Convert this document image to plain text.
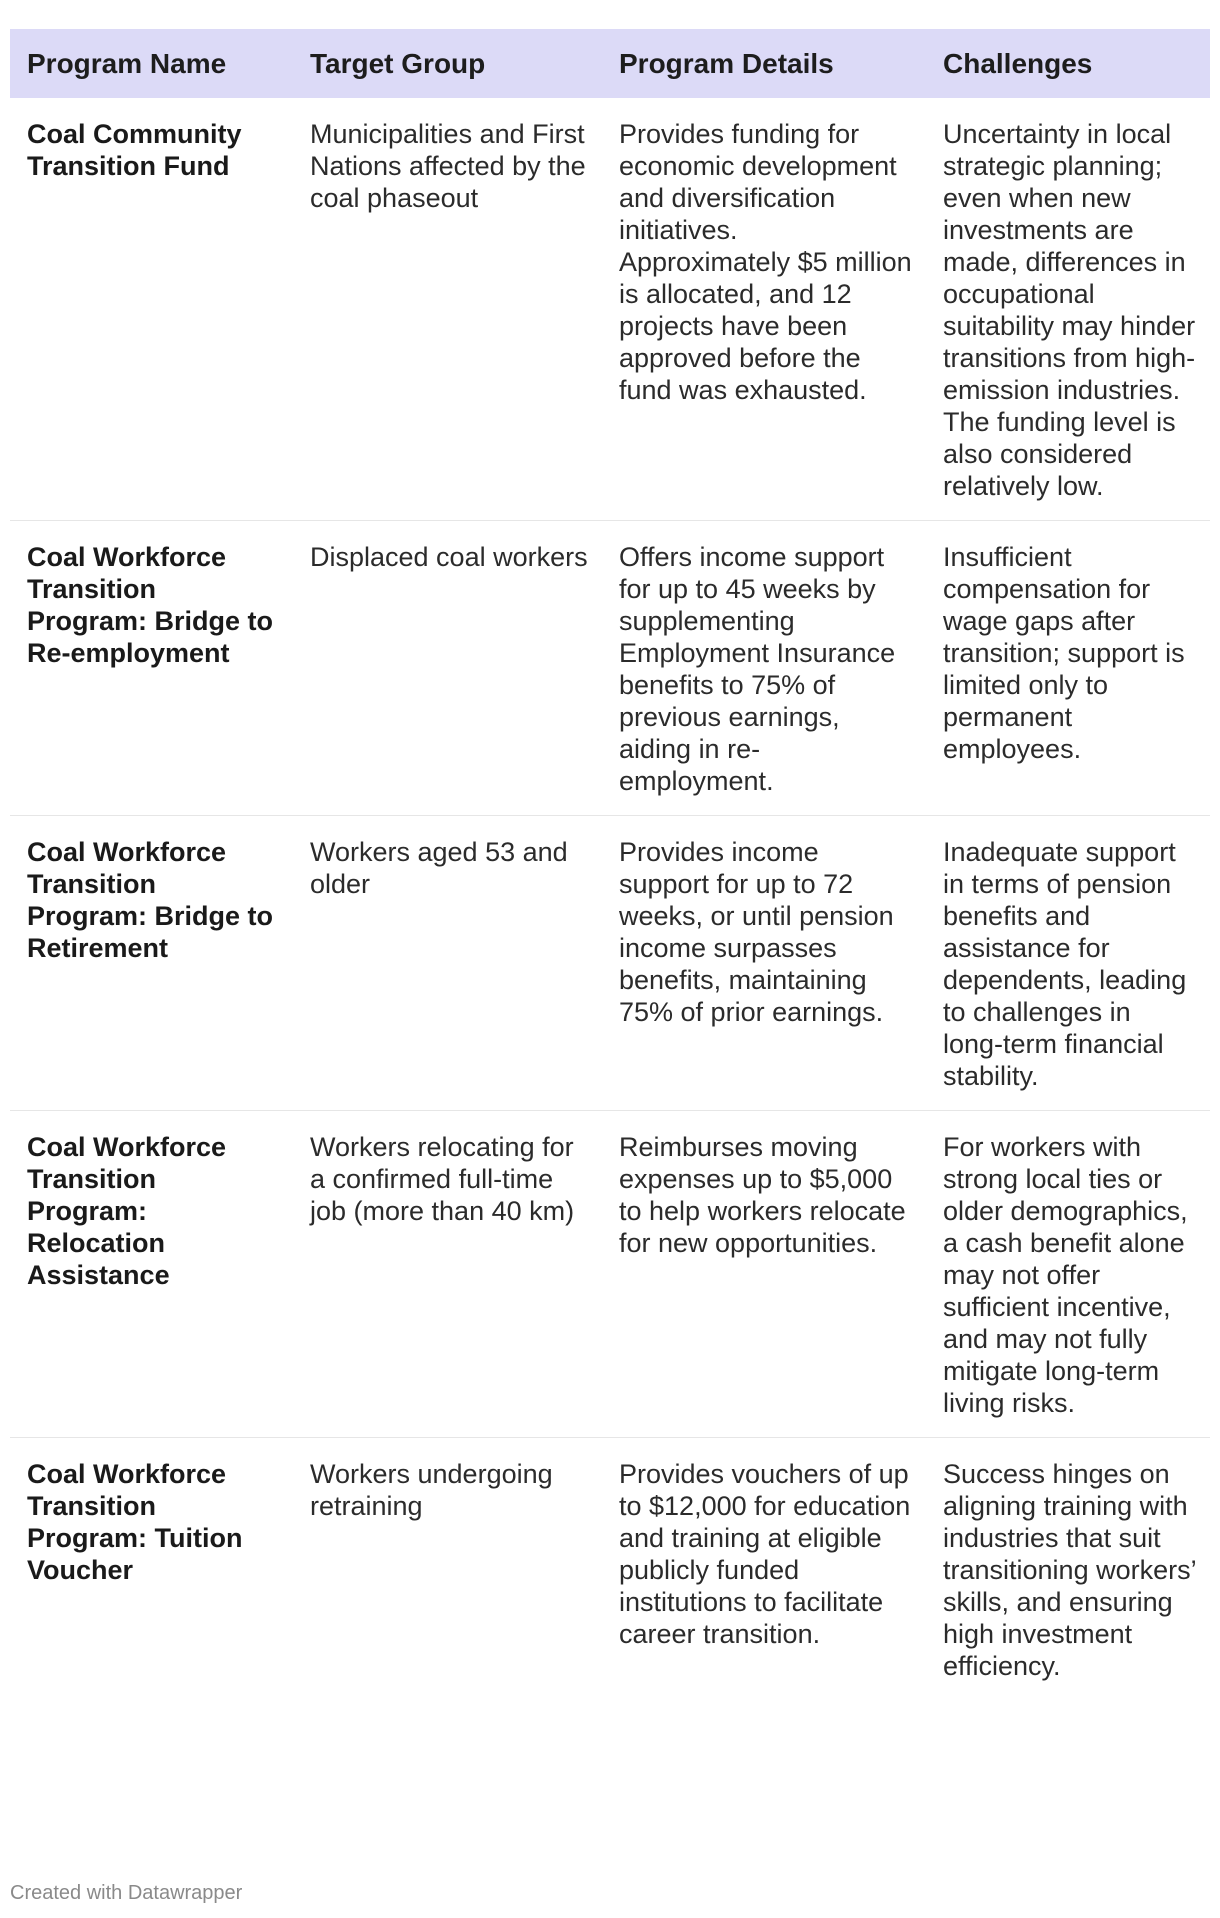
Program Name	Target Group	Program Details	Challenges
Coal Community Transition Fund	Municipalities and First Nations affected by the coal phaseout	Provides funding for economic development and diversification initiatives. Approximately $5 million is allocated, and 12 projects have been approved before the fund was exhausted.	Uncertainty in local strategic planning; even when new investments are made, differences in occupational suitability may hinder transitions from high-emission industries. The funding level is also considered relatively low.
Coal Workforce Transition Program: Bridge to Re-employment	Displaced coal workers	Offers income support for up to 45 weeks by supplementing Employment Insurance benefits to 75% of previous earnings, aiding in re-employment.	Insufficient compensation for wage gaps after transition; support is limited only to permanent employees.
Coal Workforce Transition Program: Bridge to Retirement	Workers aged 53 and older	Provides income support for up to 72 weeks, or until pension income surpasses benefits, maintaining 75% of prior earnings.	Inadequate support in terms of pension benefits and assistance for dependents, leading to challenges in long-term financial stability.
Coal Workforce Transition Program: Relocation Assistance	Workers relocating for a confirmed full-time job (more than 40 km)	Reimburses moving expenses up to $5,000 to help workers relocate for new opportunities.	For workers with strong local ties or older demographics, a cash benefit alone may not offer sufficient incentive, and may not fully mitigate long-term living risks.
Coal Workforce Transition Program: Tuition Voucher	Workers undergoing retraining	Provides vouchers of up to $12,000 for education and training at eligible publicly funded institutions to facilitate career transition.	Success hinges on aligning training with industries that suit transitioning workers’ skills, and ensuring high investment efficiency.
Created with Datawrapper
